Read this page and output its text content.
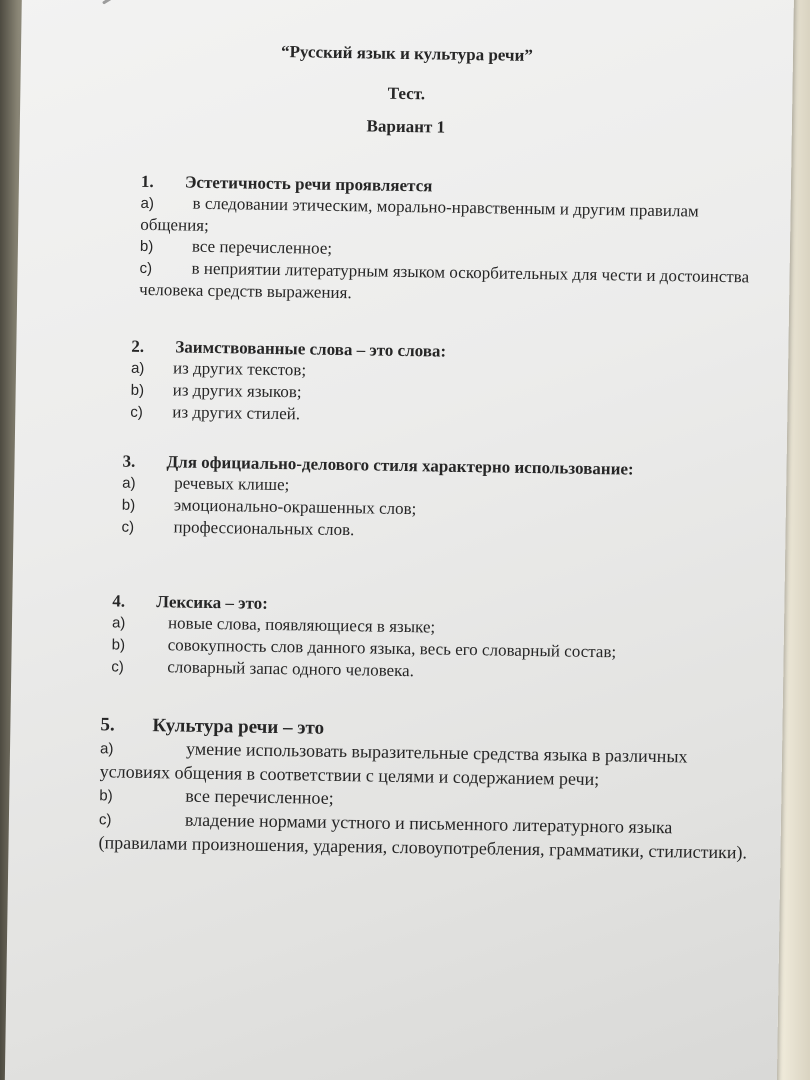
“Русский язык и культура речи”
Тест.
Вариант 1
1.	Эстетичность речи проявляется
a) в следовании этическим, морально-нравственным и другим правилам общения;
b) все перечисленное;
c) в неприятии литературным языком оскорбительных для чести и достоинства человека средств выражения.
2.	Заимствованные слова – это слова:
a) из других текстов;
b) из других языков;
c) из других стилей.
3.	Для официально-делового стиля характерно использование:
a) речевых клише;
b) эмоционально-окрашенных слов;
c) профессиональных слов.
4.	Лексика – это:
a) новые слова, появляющиеся в языке;
b) совокупность слов данного языка, весь его словарный состав;
c)	словарный запас одного человека.
5.	Культура речи – это
a)	умение использовать выразительные средства языка в различных условиях общения в соответствии с целями и содержанием речи;
b)	все перечисленное;
c)	владение нормами устного и письменного литературного языка (правилами произношения, ударения, словоупотребления, грамматики, стилистики).
